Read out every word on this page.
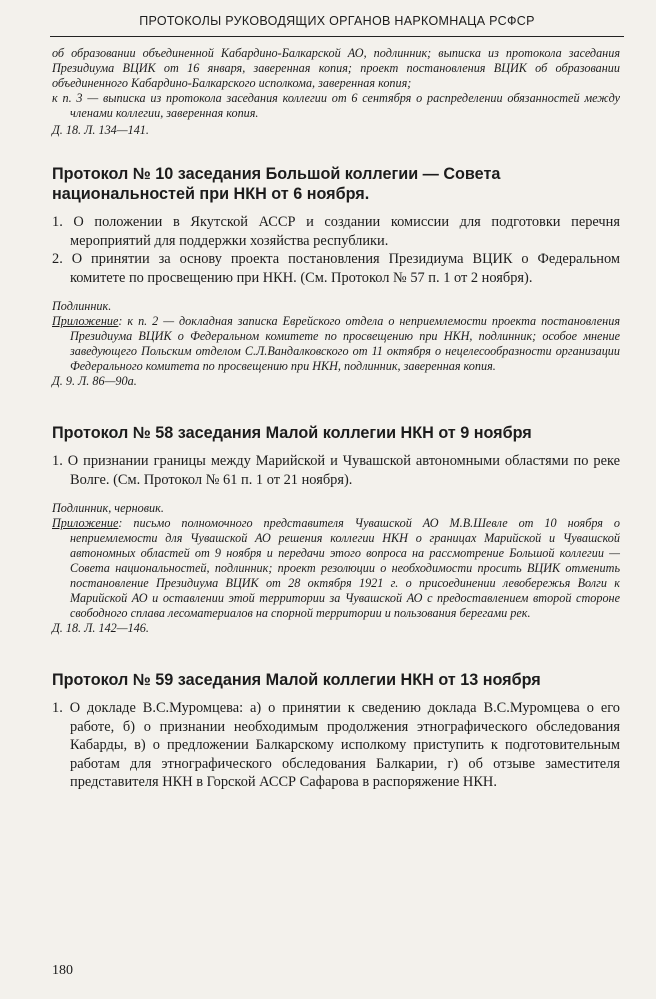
ПРОТОКОЛЫ РУКОВОДЯЩИХ ОРГАНОВ НАРКОМНАЦА РСФСР

об образовании объединенной Кабардино-Балкарской АО, подлинник; выписка из протокола заседания Президиума ВЦИК от 16 января, заверенная копия; проект постановления ВЦИК об образовании объединенного Кабардино-Балкарского исполкома, заверенная копия;

к п. 3 — выписка из протокола заседания коллегии от 6 сентября о распределении обязанностей между членами коллегии, заверенная копия.

Д. 18. Л. 134—141.

Протокол № 10 заседания Большой коллегии — Совета национальностей при НКН от 6 ноября.

1. О положении в Якутской АССР и создании комиссии для подготовки перечня мероприятий для поддержки хозяйства республики.

2. О принятии за основу проекта постановления Президиума ВЦИК о Федеральном комитете по просвещению при НКН. (См. Протокол № 57 п. 1 от 2 ноября).

Подлинник.

Приложение: к п. 2 — докладная записка Еврейского отдела о неприемлемости проекта постановления Президиума ВЦИК о Федеральном комитете по просвещению при НКН, подлинник; особое мнение заведующего Польским отделом С.Л.Вандалковского от 11 октября о нецелесообразности организации Федерального комитета по просвещению при НКН, подлинник, заверенная копия.

Д. 9. Л. 86—90а.

Протокол № 58 заседания Малой коллегии НКН от 9 ноября

1. О признании границы между Марийской и Чувашской автономными областями по реке Волге. (См. Протокол № 61 п. 1 от 21 ноября).

Подлинник, черновик.

Приложение: письмо полномочного представителя Чувашской АО М.В.Шевле от 10 ноября о неприемлемости для Чувашской АО решения коллегии НКН о границах Марийской и Чувашской автономных областей от 9 ноября и передачи этого вопроса на рассмотрение Большой коллегии — Совета национальностей, подлинник; проект резолюции о необходимости просить ВЦИК отменить постановление Президиума ВЦИК от 28 октября 1921 г. о присоединении левобережья Волги к Марийской АО и оставлении этой территории за Чувашской АО с предоставлением второй стороне свободного сплава лесоматериалов на спорной территории и пользования берегами рек.

Д. 18. Л. 142—146.

Протокол № 59 заседания Малой коллегии НКН от 13 ноября

1. О докладе В.С.Муромцева: а) о принятии к сведению доклада В.С.Муромцева о его работе, б) о признании необходимым продолжения этнографического обследования Кабарды, в) о предложении Балкарскому исполкому приступить к подготовительным работам для этнографического обследования Балкарии, г) об отзыве заместителя представителя НКН в Горской АССР Сафарова в распоряжение НКН.

180
